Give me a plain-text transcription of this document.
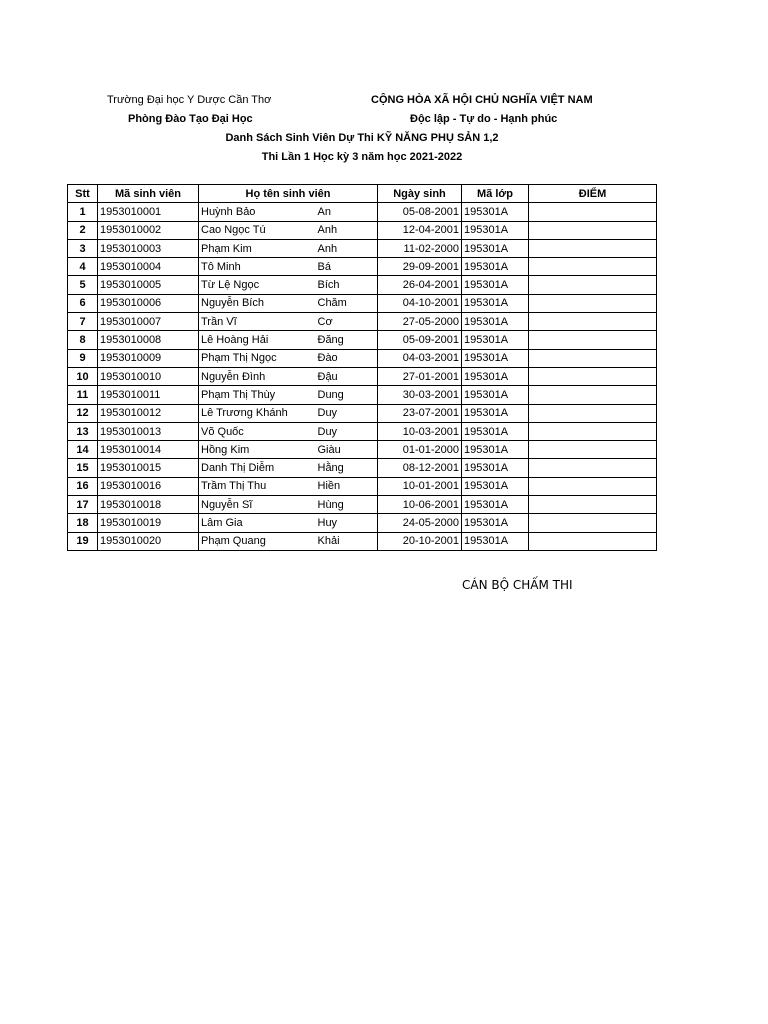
Trường Đại học Y Dược Cần Thơ
Phòng Đào Tạo Đại Học
CỘNG HÒA XÃ HỘI CHỦ NGHĨA VIỆT NAM
Độc lập - Tự do - Hạnh phúc
Danh Sách Sinh Viên Dự Thi KỸ NĂNG PHỤ SẢN 1,2
Thi Lần 1 Học kỳ 3 năm học 2021-2022
Stt	Mã sinh viên	Họ tên sinh viên		Ngày sinh	Mã lớp	ĐIỂM
1	1953010001	Huỳnh Bảo	An	05-08-2001	195301A	
2	1953010002	Cao Ngọc Tú	Anh	12-04-2001	195301A	
3	1953010003	Phạm Kim	Anh	11-02-2000	195301A	
4	1953010004	Tô Minh	Bá	29-09-2001	195301A	
5	1953010005	Từ Lệ Ngọc	Bích	26-04-2001	195301A	
6	1953010006	Nguyễn Bích	Chăm	04-10-2001	195301A	
7	1953010007	Trần Vĩ	Cơ	27-05-2000	195301A	
8	1953010008	Lê Hoàng Hải	Đăng	05-09-2001	195301A	
9	1953010009	Phạm Thị Ngọc	Đào	04-03-2001	195301A	
10	1953010010	Nguyễn Đình	Đậu	27-01-2001	195301A	
11	1953010011	Phạm Thị Thùy	Dung	30-03-2001	195301A	
12	1953010012	Lê Trương Khánh	Duy	23-07-2001	195301A	
13	1953010013	Võ Quốc	Duy	10-03-2001	195301A	
14	1953010014	Hồng Kim	Giàu	01-01-2000	195301A	
15	1953010015	Danh Thị Diễm	Hằng	08-12-2001	195301A	
16	1953010016	Trầm Thị Thu	Hiền	10-01-2001	195301A	
17	1953010018	Nguyễn Sĩ	Hùng	10-06-2001	195301A	
18	1953010019	Lâm Gia	Huy	24-05-2000	195301A	
19	1953010020	Phạm Quang	Khải	20-10-2001	195301A	
CÁN BỘ CHẤM THI
